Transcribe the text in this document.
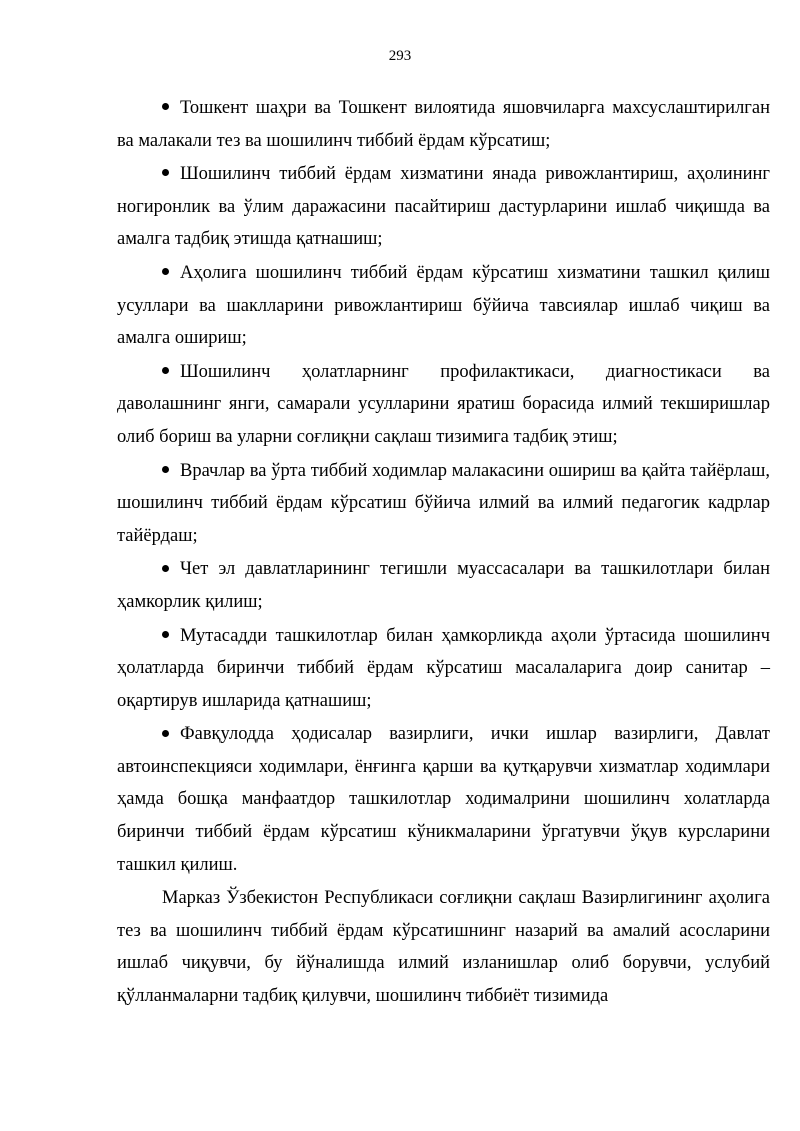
293

Тошкент шаҳри ва Тошкент вилоятида яшовчиларга махсуслаштирилган ва малакали тез ва шошилинч тиббий ёрдам кўрсатиш;

Шошилинч тиббий ёрдам хизматини янада ривожлантириш, аҳолининг ногиронлик ва ўлим даражасини пасайтириш дастурларини ишлаб чиқишда ва амалга тадбиқ этишда қатнашиш;

Аҳолига шошилинч тиббий ёрдам кўрсатиш хизматини ташкил қилиш усуллари ва шаклларини ривожлантириш бўйича тавсиялар ишлаб чиқиш ва амалга ошириш;

Шошилинч ҳолатларнинг профилактикаси, диагностикаси ва даволашнинг янги, самарали усулларини яратиш борасида илмий текширишлар олиб бориш ва уларни соғлиқни сақлаш тизимига тадбиқ этиш;

Врачлар ва ўрта тиббий ходимлар малакасини ошириш ва қайта тайёрлаш, шошилинч тиббий ёрдам кўрсатиш бўйича илмий ва илмий педагогик кадрлар тайёрдаш;

Чет эл давлатларининг тегишли муассасалари ва ташкилотлари билан ҳамкорлик қилиш;

Мутасадди ташкилотлар билан ҳамкорликда аҳоли ўртасида шошилинч ҳолатларда биринчи тиббий ёрдам кўрсатиш масалаларига доир санитар – оқартирув ишларида қатнашиш;

Фавқулодда ҳодисалар вазирлиги, ички ишлар вазирлиги, Давлат автоинспекцияси ходимлари, ёнғинга қарши ва қутқарувчи хизматлар ходимлари ҳамда бошқа манфаатдор ташкилотлар ходималрини шошилинч холатларда биринчи тиббий ёрдам кўрсатиш кўникмаларини ўргатувчи ўқув курсларини ташкил қилиш.

Марказ Ўзбекистон Республикаси соғлиқни сақлаш Вазирлигининг аҳолига тез ва шошилинч тиббий ёрдам кўрсатишнинг назарий ва амалий асосларини ишлаб чиқувчи, бу йўналишда илмий изланишлар олиб борувчи, услубий қўлланмаларни тадбиқ қилувчи, шошилинч тиббиёт тизимида
